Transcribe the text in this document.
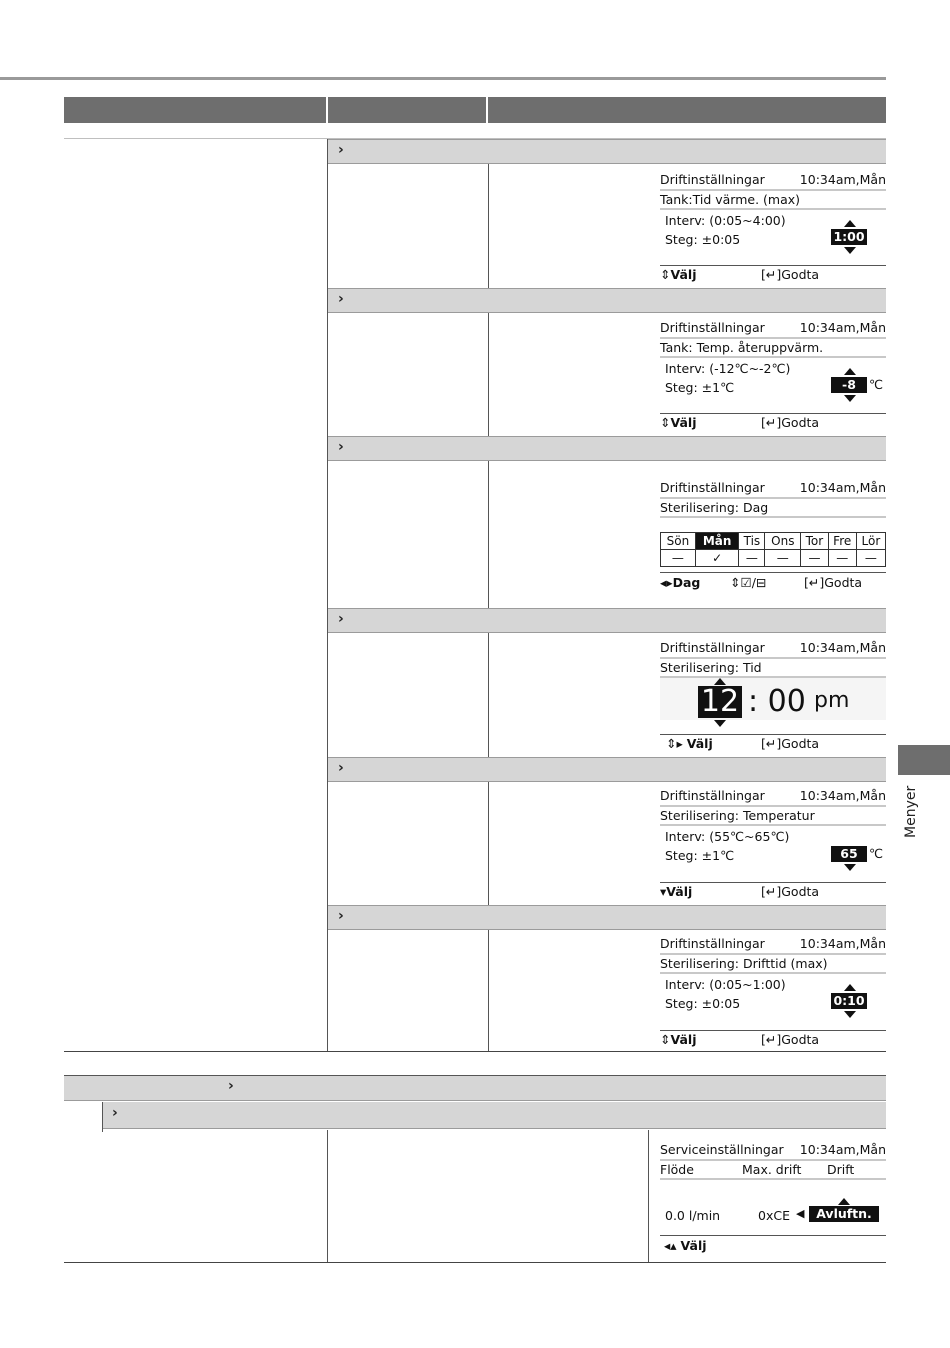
›
›
›
›
›
›
Driftinställningar	10:34am,Mån
Tank:Tid värme. (max)
Interv: (0:05~4:00)
Steg: ±0:05	1:00
⇕Välj	[↵]Godta
Driftinställningar	10:34am,Mån
Tank: Temp. återuppvärm.
Interv: (-12℃~-2℃)
Steg: ±1℃	-8	℃
⇕Välj	[↵]Godta
Driftinställningar	10:34am,Mån
Sterilisering: Dag
Sön	Mån	Tis	Ons	Tor	Fre	Lör
—	✓	—	—	—	—	—
◂▸Dag ⇕☑/⊟	[↵]Godta
Driftinställningar	10:34am,Mån
Sterilisering: Tid
12 : 00 pm
⇕▸ Välj	[↵]Godta
Driftinställningar	10:34am,Mån
Sterilisering: Temperatur
Interv: (55℃~65℃)
Steg: ±1℃	65 ℃
▾Välj	[↵]Godta
Driftinställningar	10:34am,Mån
Sterilisering: Drifttid (max)
Interv: (0:05~1:00)
Steg: ±0:05	0:10
⇕Välj	[↵]Godta
›
›
Serviceinställningar 10:34am,Mån
Flöde	Max. drift Drift
0.0 l/min	0xCE ◀ Avluftn.
◂▴ Välj
Menyer
